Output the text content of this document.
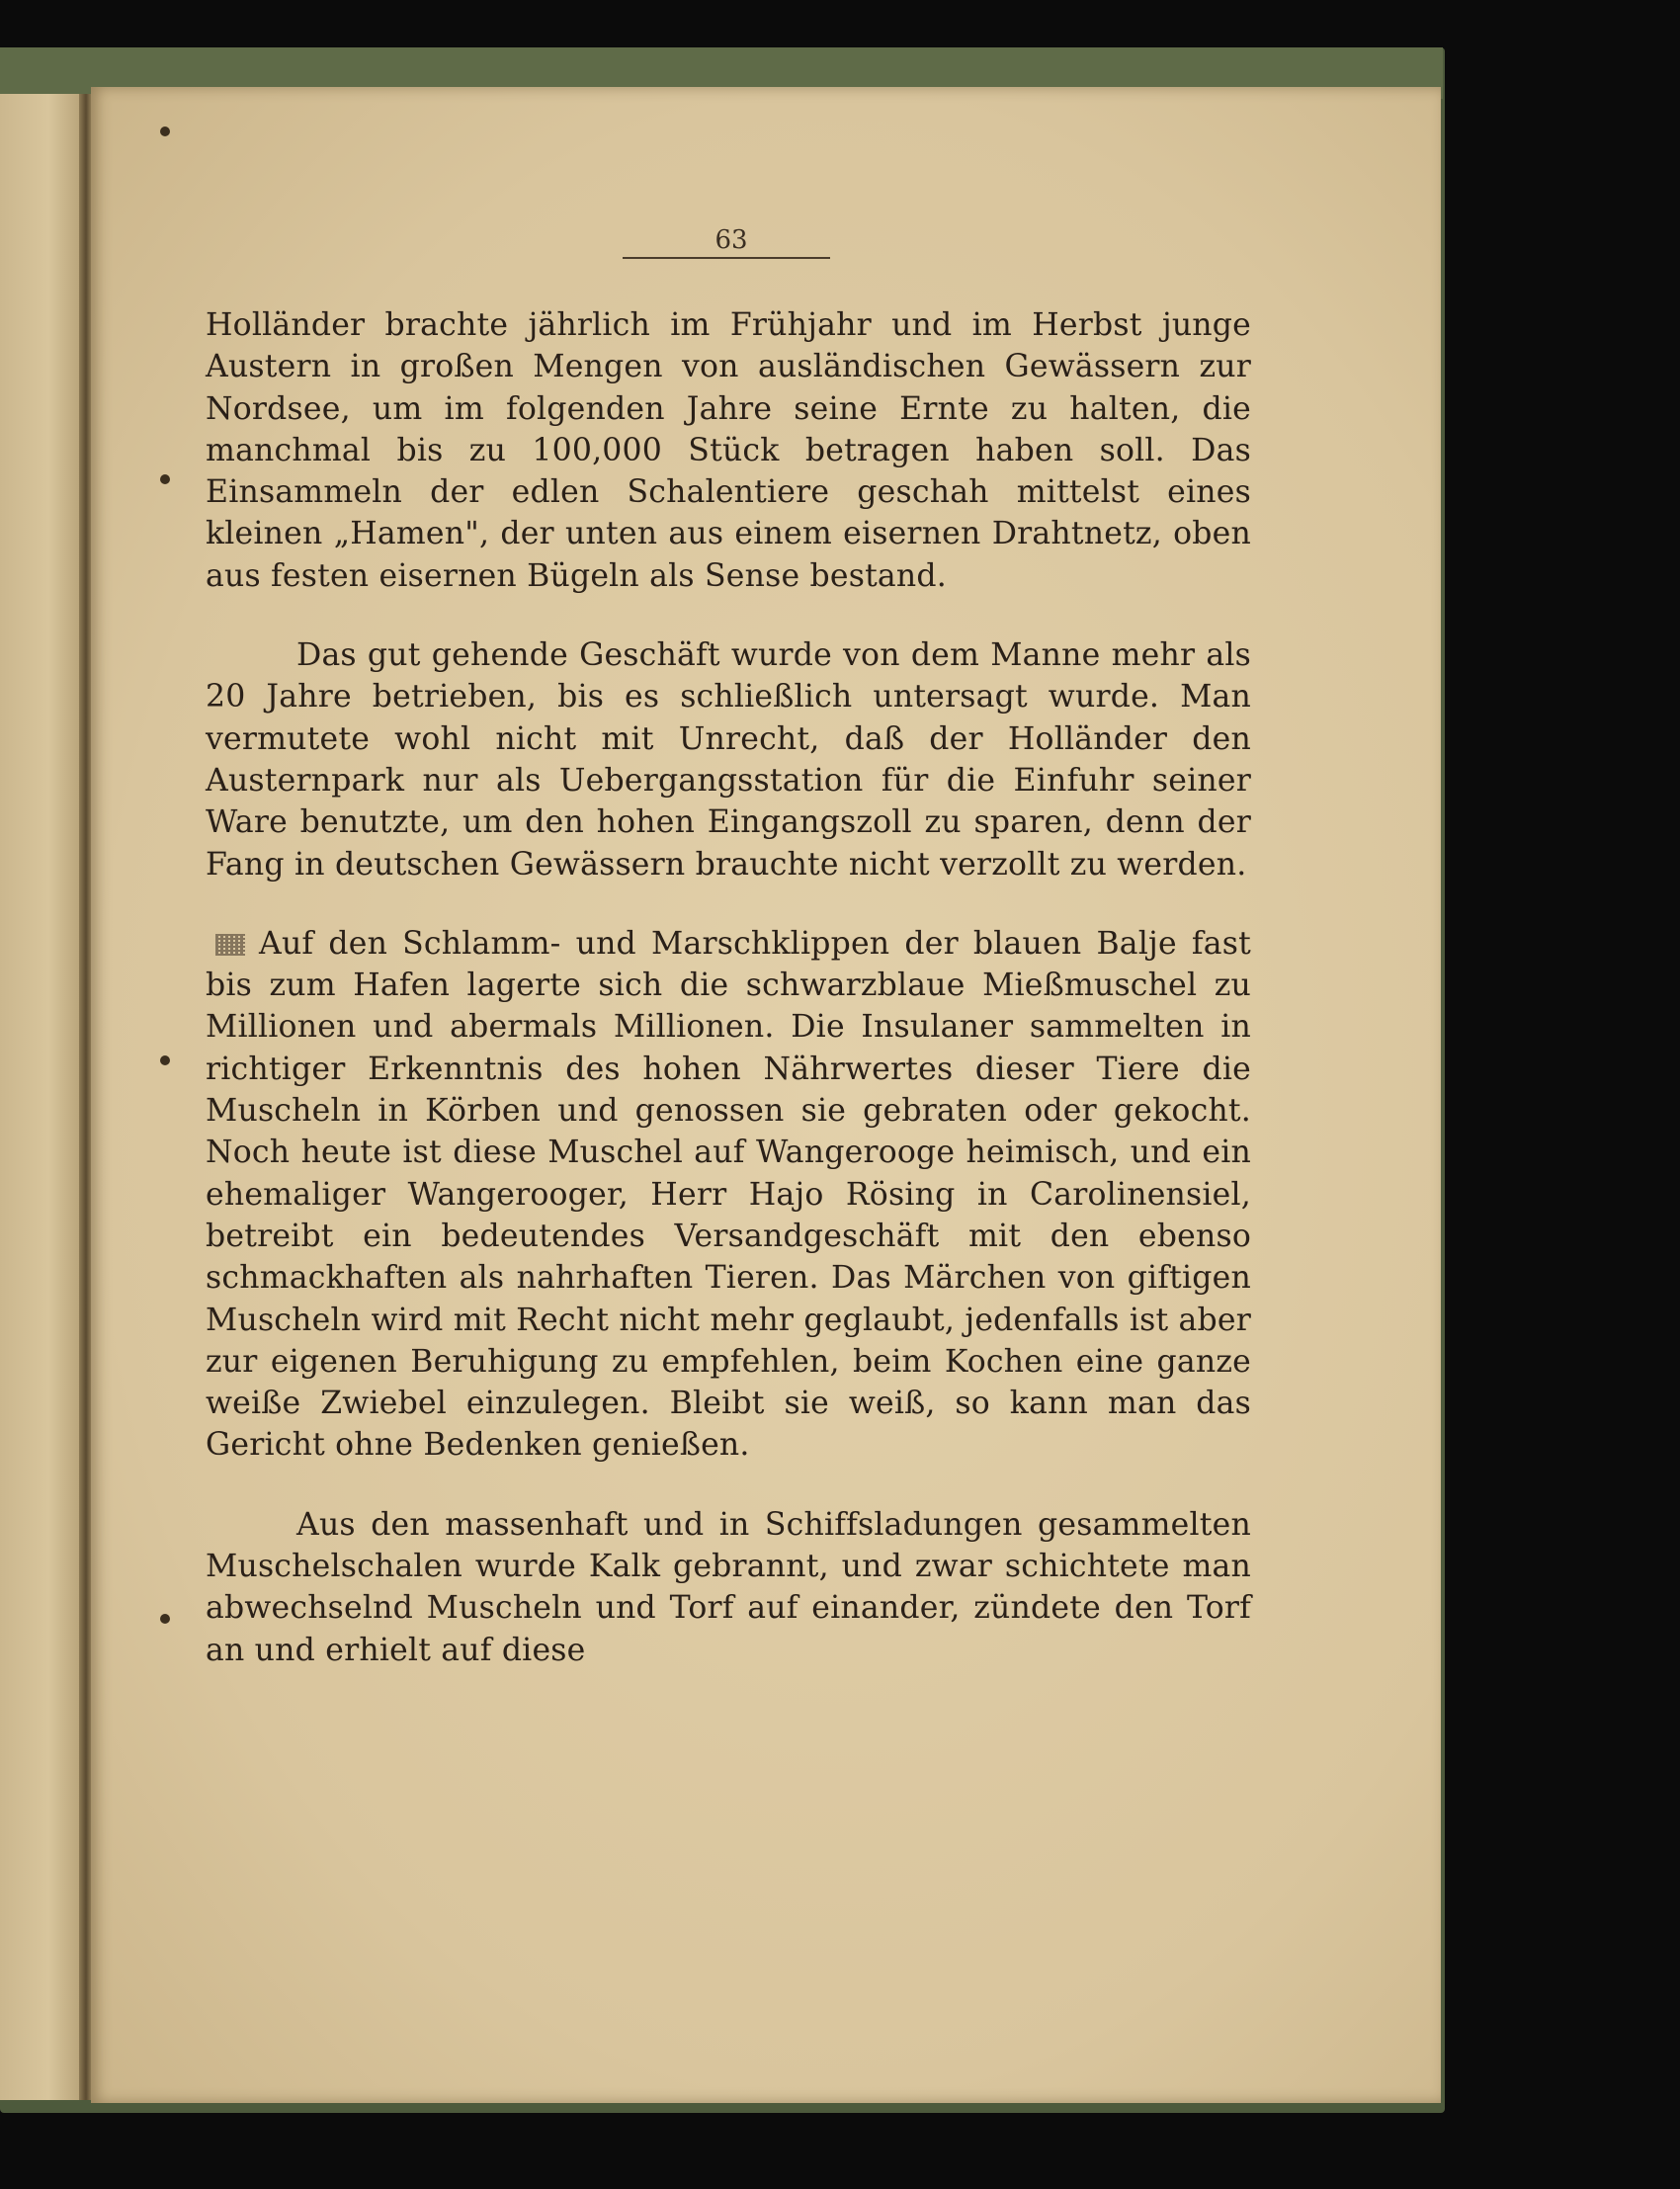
63

Holländer brachte jährlich im Frühjahr und im Herbst junge Austern in großen Mengen von ausländischen Gewässern zur Nordsee, um im folgenden Jahre seine Ernte zu halten, die manchmal bis zu 100,000 Stück betragen haben soll. Das Einsammeln der edlen Schalentiere geschah mittelst eines kleinen „Hamen", der unten aus einem eisernen Drahtnetz, oben aus festen eisernen Bügeln als Sense bestand.

Das gut gehende Geschäft wurde von dem Manne mehr als 20 Jahre betrieben, bis es schließlich untersagt wurde. Man vermutete wohl nicht mit Unrecht, daß der Holländer den Austernpark nur als Uebergangsstation für die Einfuhr seiner Ware benutzte, um den hohen Eingangszoll zu sparen, denn der Fang in deutschen Gewässern brauchte nicht verzollt zu werden.

Auf den Schlamm- und Marschklippen der blauen Balje fast bis zum Hafen lagerte sich die schwarzblaue Mießmuschel zu Millionen und abermals Millionen. Die Insulaner sammelten in richtiger Erkenntnis des hohen Nährwertes dieser Tiere die Muscheln in Körben und genossen sie gebraten oder gekocht. Noch heute ist diese Muschel auf Wangerooge heimisch, und ein ehemaliger Wangerooger, Herr Hajo Rösing in Carolinensiel, betreibt ein bedeutendes Versandgeschäft mit den ebenso schmackhaften als nahrhaften Tieren. Das Märchen von giftigen Muscheln wird mit Recht nicht mehr geglaubt, jedenfalls ist aber zur eigenen Beruhigung zu empfehlen, beim Kochen eine ganze weiße Zwiebel einzulegen. Bleibt sie weiß, so kann man das Gericht ohne Bedenken genießen.

Aus den massenhaft und in Schiffsladungen gesammelten Muschelschalen wurde Kalk gebrannt, und zwar schichtete man abwechselnd Muscheln und Torf auf einander, zündete den Torf an und erhielt auf diese
